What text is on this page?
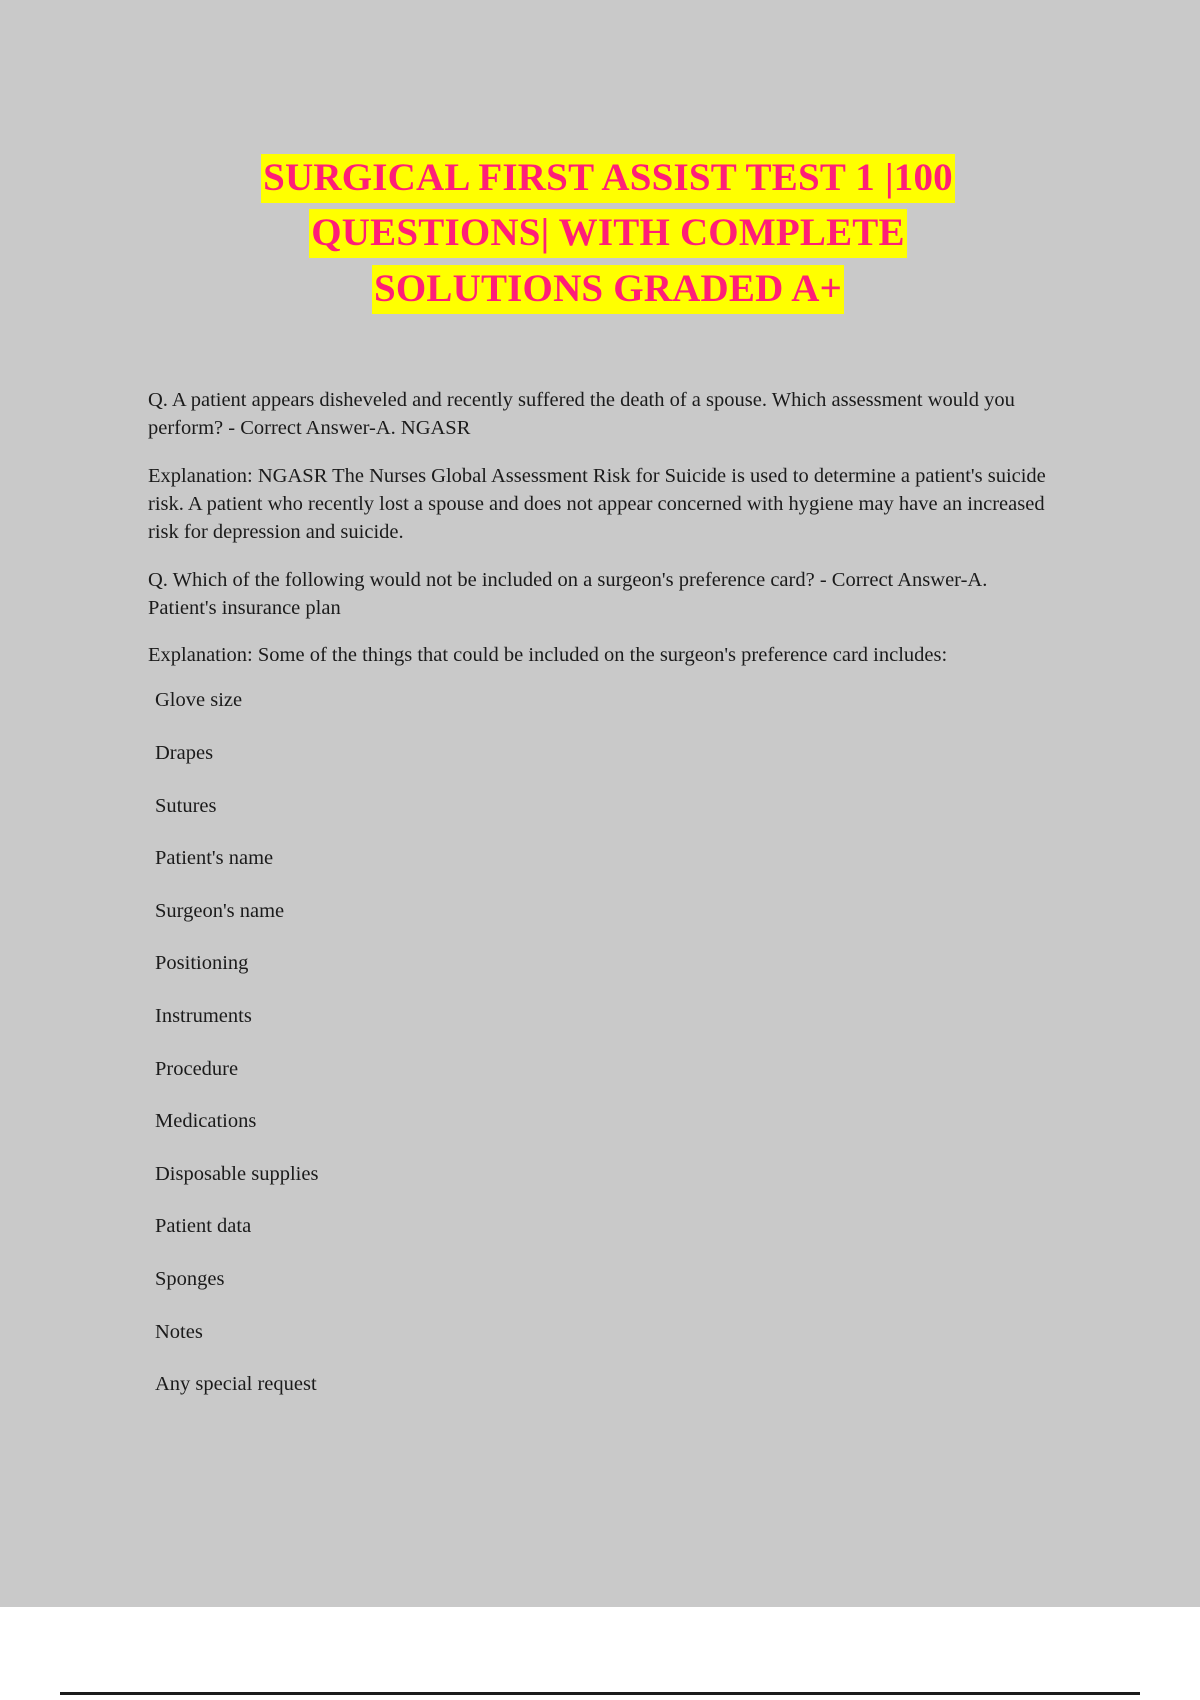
SURGICAL FIRST ASSIST TEST 1 |100
QUESTIONS| WITH COMPLETE
SOLUTIONS GRADED A+

Q. A patient appears disheveled and recently suffered the death of a spouse. Which assessment would you perform? - Correct Answer-A. NGASR

Explanation: NGASR The Nurses Global Assessment Risk for Suicide is used to determine a patient's suicide risk. A patient who recently lost a spouse and does not appear concerned with hygiene may have an increased risk for depression and suicide.

Q. Which of the following would not be included on a surgeon's preference card? - Correct Answer-A. Patient's insurance plan

Explanation: Some of the things that could be included on the surgeon's preference card includes:

Glove size
Drapes
Sutures
Patient's name
Surgeon's name
Positioning
Instruments
Procedure
Medications
Disposable supplies
Patient data
Sponges
Notes
Any special request
